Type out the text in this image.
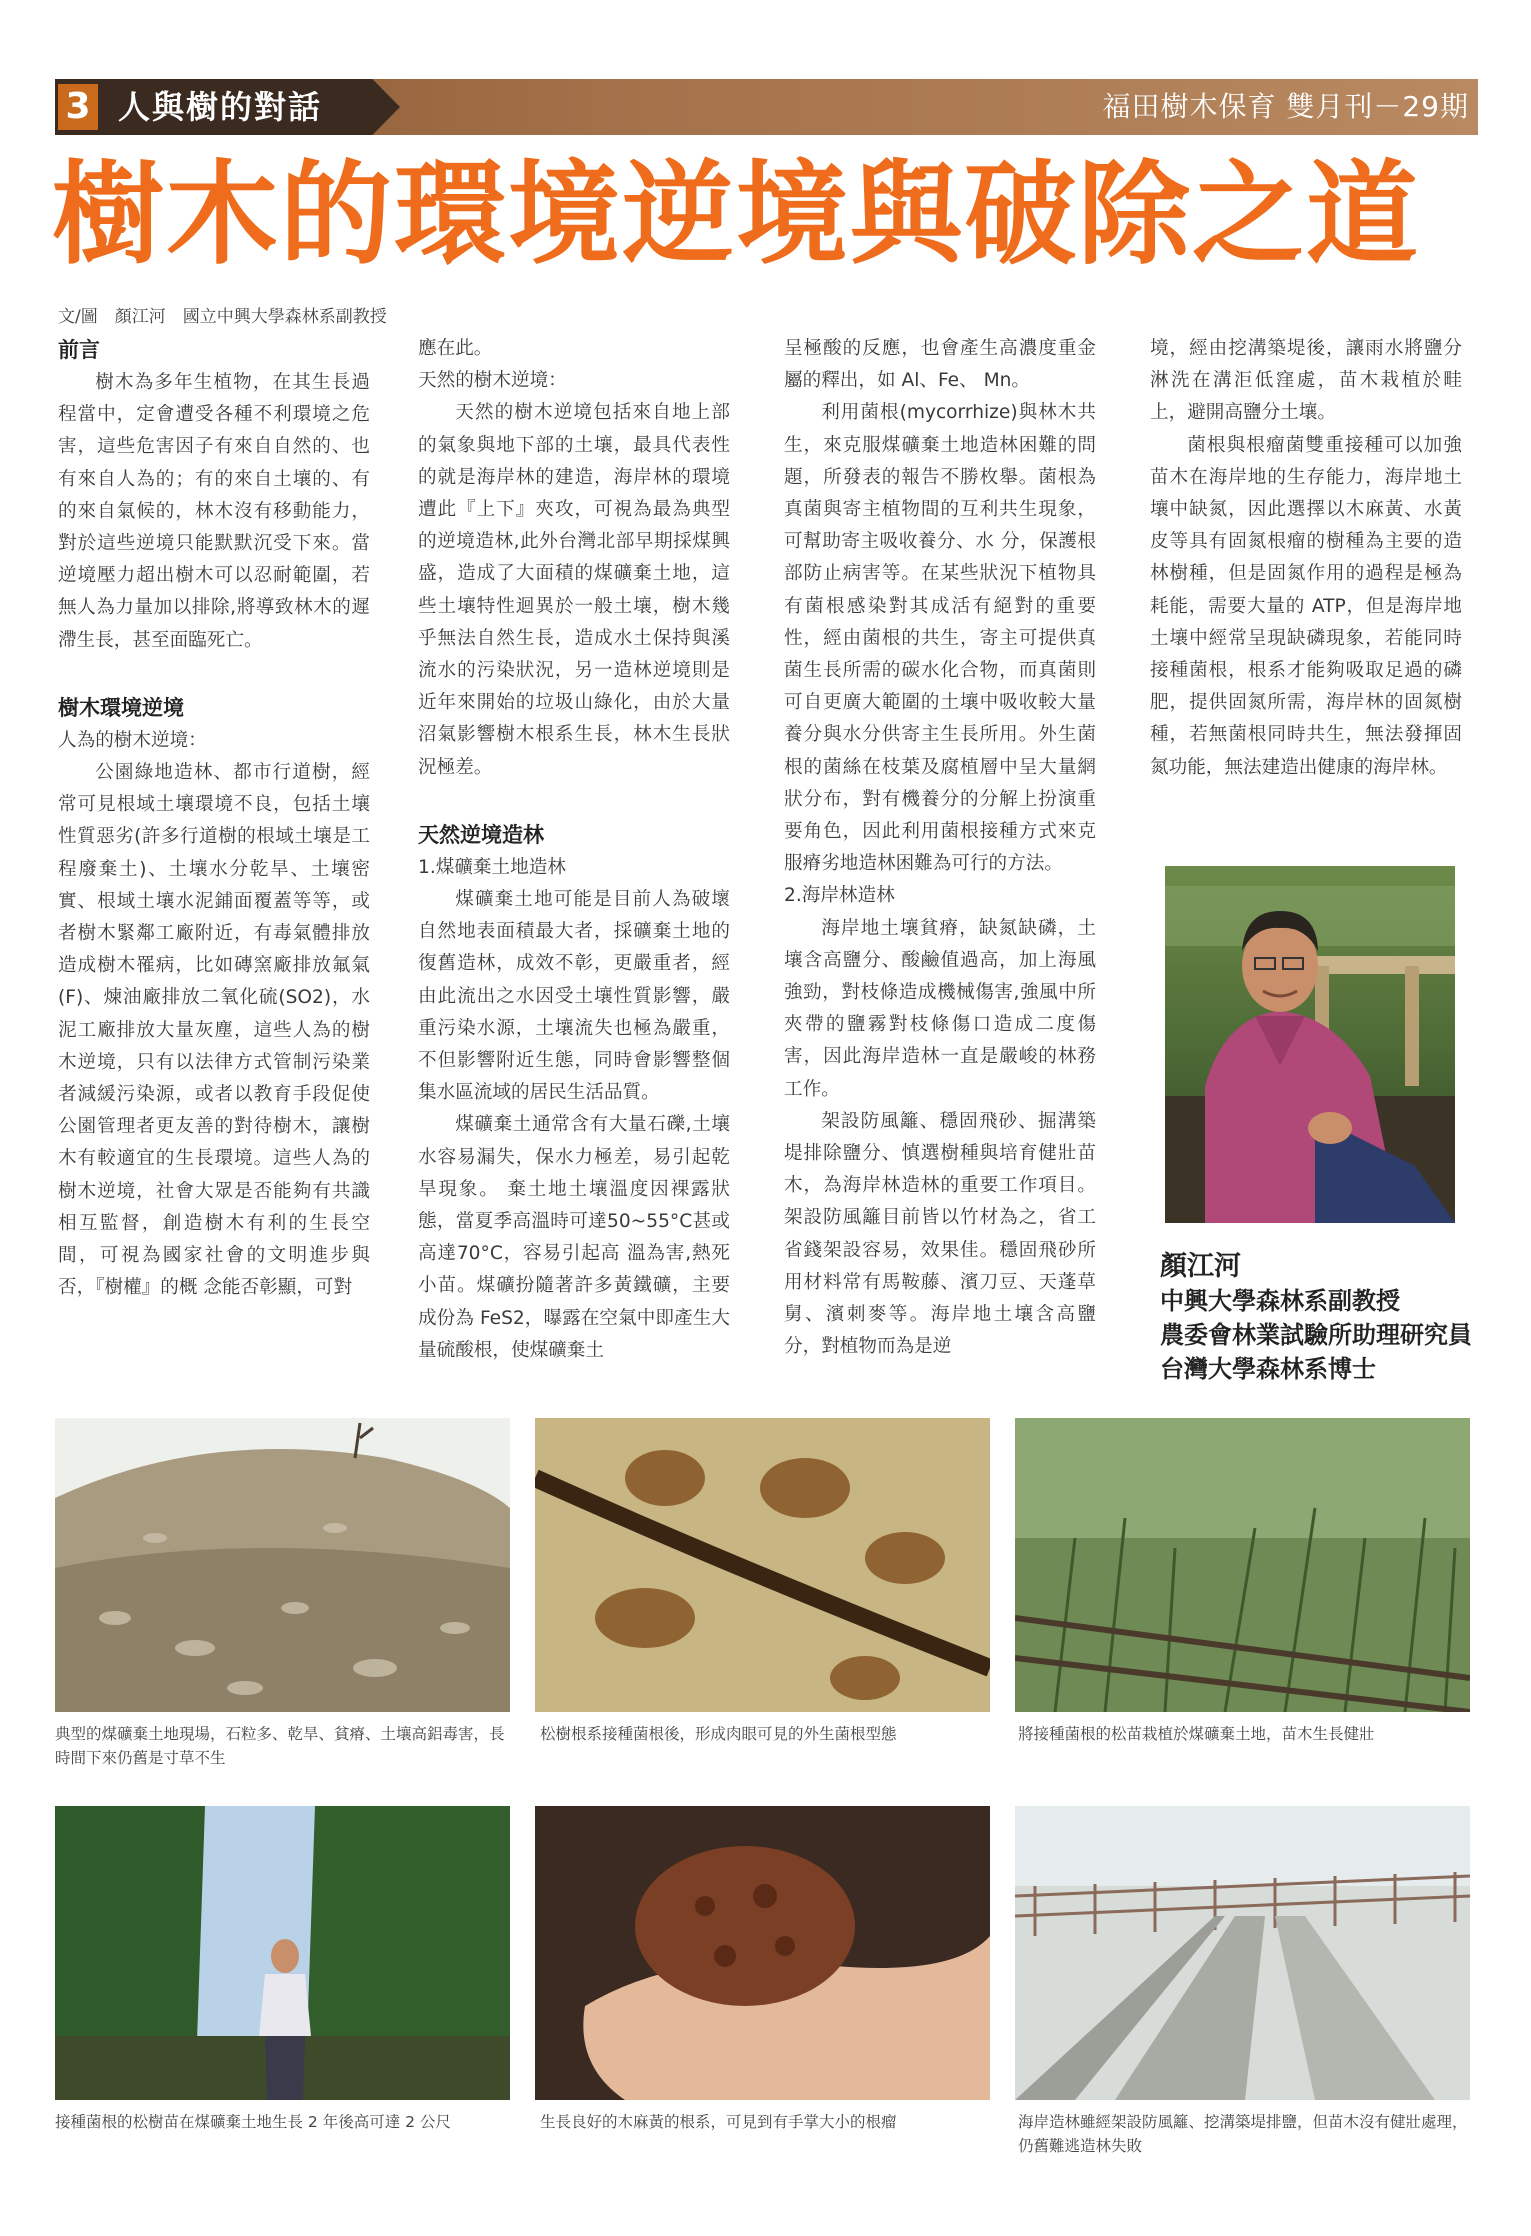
3 人與樹的對話	福田樹木保育 雙月刊－29期
樹木的環境逆境與破除之道
文/圖　顏江河　國立中興大學森林系副教授

前言

樹木為多年生植物，在其生長過程當中，定會遭受各種不利環境之危害，這些危害因子有來自自然的、也有來自人為的；有的來自土壤的、有的來自氣候的，林木沒有移動能力，對於這些逆境只能默默沉受下來。當逆境壓力超出樹木可以忍耐範圍，若無人為力量加以排除,將導致林木的遲滯生長，甚至面臨死亡。

樹木環境逆境

人為的樹木逆境：

公園綠地造林、都市行道樹，經常可見根域土壤環境不良，包括土壤性質惡劣(許多行道樹的根域土壤是工程廢棄土)、土壤水分乾旱、土壤密實、根域土壤水泥鋪面覆蓋等等，或者樹木緊鄰工廠附近，有毒氣體排放造成樹木罹病，比如磚窯廠排放氟氣 (F)、煉油廠排放二氧化硫(SO2)，水泥工廠排放大量灰塵，這些人為的樹木逆境，只有以法律方式管制污染業者減緩污染源，或者以教育手段促使公園管理者更友善的對待樹木，讓樹木有較適宜的生長環境。這些人為的樹木逆境，社會大眾是否能夠有共識 相互監督，創造樹木有利的生長空間，可視為國家社會的文明進步與否，『樹權』的概 念能否彰顯，可對

應在此。

天然的樹木逆境：

天然的樹木逆境包括來自地上部的氣象與地下部的土壤，最具代表性的就是海岸林的建造，海岸林的環境遭此『上下』夾攻，可視為最為典型的逆境造林,此外台灣北部早期採煤興盛，造成了大面積的煤礦棄土地，這些土壤特性迴異於一般土壤，樹木幾乎無法自然生長，造成水土保持與溪流水的污染狀況，另一造林逆境則是近年來開始的垃圾山綠化，由於大量沼氣影響樹木根系生長，林木生長狀況極差。

天然逆境造林

1.煤礦棄土地造林

煤礦棄土地可能是目前人為破壞自然地表面積最大者，採礦棄土地的復舊造林，成效不彰，更嚴重者，經由此流出之水因受土壤性質影響，嚴重污染水源，土壤流失也極為嚴重，不但影響附近生態，同時會影響整個集水區流域的居民生活品質。

煤礦棄土通常含有大量石礫,土壤水容易漏失，保水力極差，易引起乾旱現象。 棄土地土壤溫度因裸露狀態，當夏季高溫時可達50~55°C甚或高達70°C，容易引起高 溫為害,熱死小苗。煤礦扮隨著許多黃鐵礦，主要成份為 FeS2，曝露在空氣中即產生大量硫酸根，使煤礦棄土

呈極酸的反應，也會產生高濃度重金屬的釋出，如 Al、Fe、 Mn。

利用菌根(mycorrhize)與林木共生，來克服煤礦棄土地造林困難的問題，所發表的報告不勝枚舉。菌根為真菌與寄主植物間的互利共生現象，可幫助寄主吸收養分、水 分，保護根部防止病害等。在某些狀況下植物具有菌根感染對其成活有絕對的重要性，經由菌根的共生，寄主可提供真菌生長所需的碳水化合物，而真菌則可自更廣大範圍的土壤中吸收較大量養分與水分供寄主生長所用。外生菌根的菌絲在枝葉及腐植層中呈大量網狀分布，對有機養分的分解上扮演重要角色，因此利用菌根接種方式來克服瘠劣地造林困難為可行的方法。

2.海岸林造林

海岸地土壤貧瘠，缺氮缺磷，土壤含高鹽分、酸鹼值過高，加上海風強勁，對枝條造成機械傷害,強風中所夾帶的鹽霧對枝條傷口造成二度傷害，因此海岸造林一直是嚴峻的林務工作。

架設防風籬、穩固飛砂、掘溝築堤排除鹽分、慎選樹種與培育健壯苗木，為海岸林造林的重要工作項目。架設防風籬目前皆以竹材為之，省工省錢架設容易，效果佳。穩固飛砂所用材料常有馬鞍藤、濱刀豆、天蓬草舅、濱刺麥等。海岸地土壤含高鹽分，對植物而為是逆

境，經由挖溝築堤後，讓雨水將鹽分淋洗在溝洰低窪處，苗木栽植於畦上，避開高鹽分土壤。

菌根與根瘤菌雙重接種可以加強苗木在海岸地的生存能力，海岸地土壤中缺氮，因此選擇以木麻黃、水黃皮等具有固氮根瘤的樹種為主要的造林樹種，但是固氮作用的過程是極為耗能，需要大量的 ATP，但是海岸地土壤中經常呈現缺磷現象，若能同時接種菌根，根系才能夠吸取足過的磷肥，提供固氮所需，海岸林的固氮樹種，若無菌根同時共生，無法發揮固氮功能，無法建造出健康的海岸林。

顏江河
中興大學森林系副教授
農委會林業試驗所助理研究員
台灣大學森林系博士
典型的煤礦棄土地現場，石粒多、乾旱、貧瘠、土壤高鋁毒害，長時間下來仍舊是寸草不生
松樹根系接種菌根後，形成肉眼可見的外生菌根型態	將接種菌根的松苗栽植於煤礦棄土地，苗木生長健壯
接種菌根的松樹苗在煤礦棄土地生長 2 年後高可達 2 公尺	生長良好的木麻黃的根系，可見到有手掌大小的根瘤	海岸造林雖經架設防風籬、挖溝築堤排鹽，但苗木沒有健壯處理，仍舊難逃造林失敗
